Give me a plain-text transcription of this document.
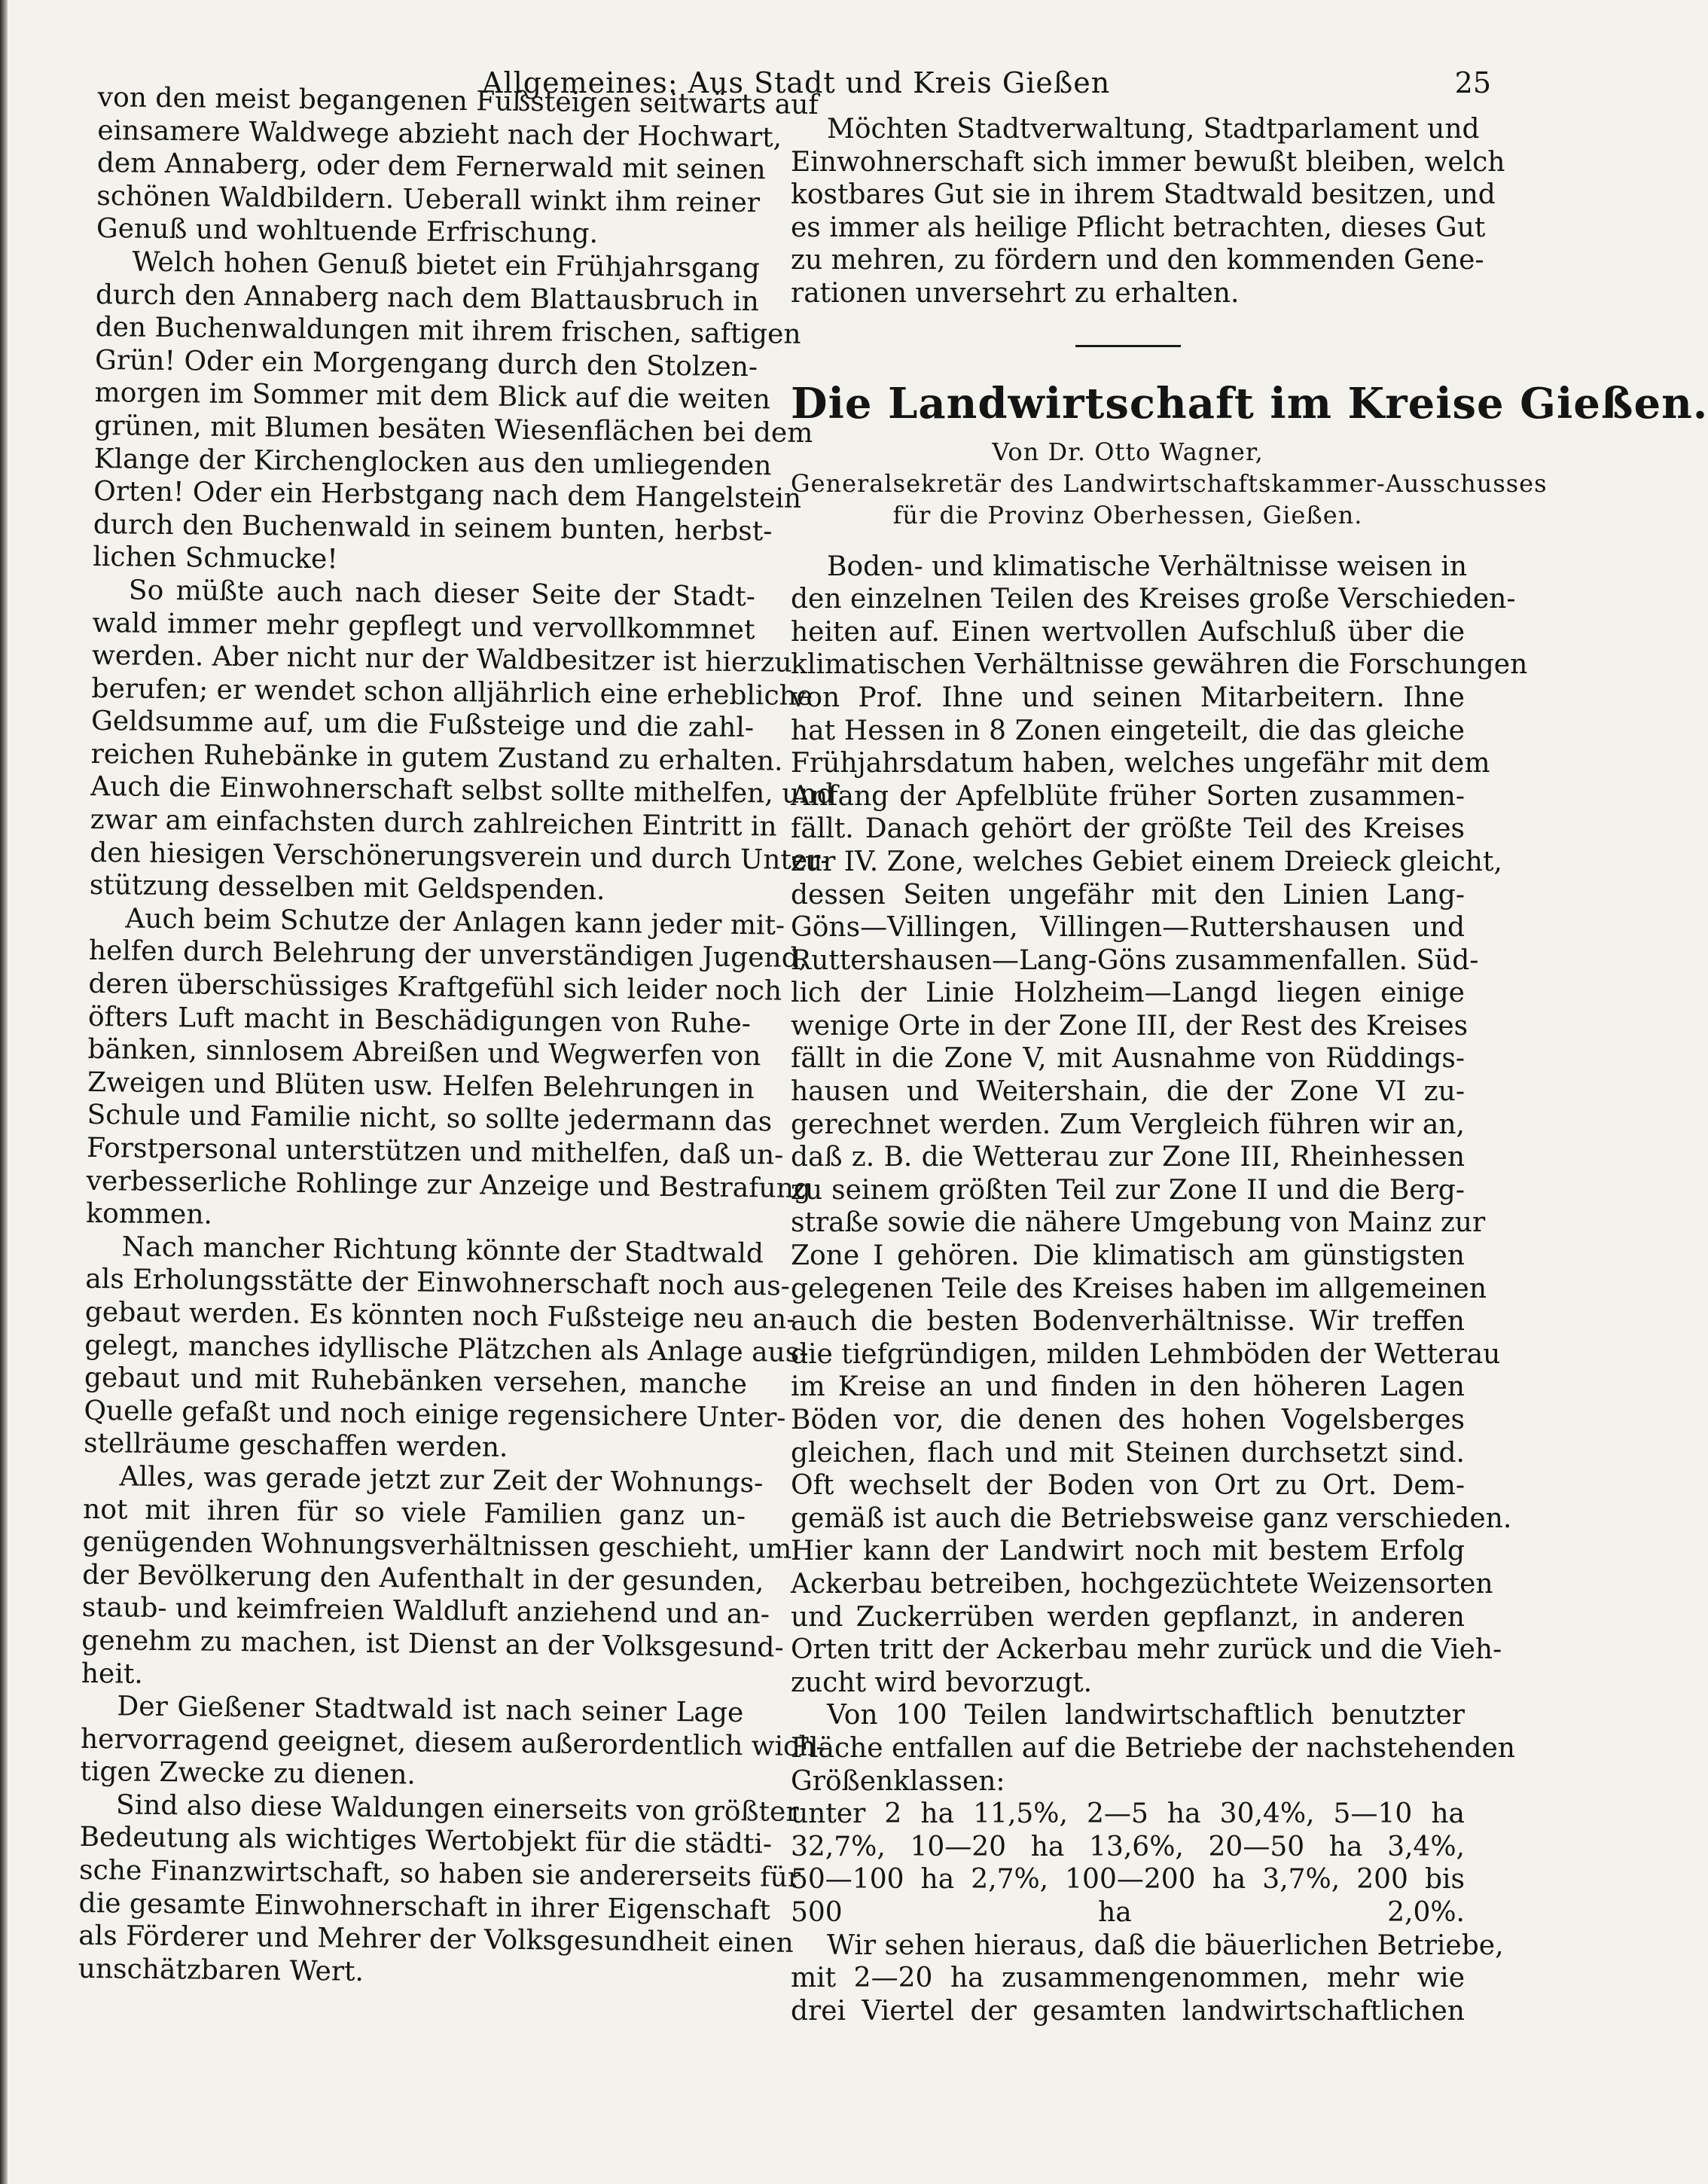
Allgemeines: Aus Stadt und Kreis Gießen	25
von den meist begangenen Fußsteigen seitwärts auf
einsamere Waldwege abzieht nach der Hochwart,
dem Annaberg, oder dem Fernerwald mit seinen
schönen Waldbildern. Ueberall winkt ihm reiner
Genuß und wohltuende Erfrischung.
Welch hohen Genuß bietet ein Frühjahrsgang
durch den Annaberg nach dem Blattausbruch in
den Buchenwaldungen mit ihrem frischen, saftigen
Grün! Oder ein Morgengang durch den Stolzen-
morgen im Sommer mit dem Blick auf die weiten
grünen, mit Blumen besäten Wiesenflächen bei dem
Klange der Kirchenglocken aus den umliegenden
Orten! Oder ein Herbstgang nach dem Hangelstein
durch den Buchenwald in seinem bunten, herbst-
lichen Schmucke!
So müßte auch nach dieser Seite der Stadt-
wald immer mehr gepflegt und vervollkommnet
werden. Aber nicht nur der Waldbesitzer ist hierzu
berufen; er wendet schon alljährlich eine erhebliche
Geldsumme auf, um die Fußsteige und die zahl-
reichen Ruhebänke in gutem Zustand zu erhalten.
Auch die Einwohnerschaft selbst sollte mithelfen, und
zwar am einfachsten durch zahlreichen Eintritt in
den hiesigen Verschönerungsverein und durch Unter-
stützung desselben mit Geldspenden.
Auch beim Schutze der Anlagen kann jeder mit-
helfen durch Belehrung der unverständigen Jugend,
deren überschüssiges Kraftgefühl sich leider noch
öfters Luft macht in Beschädigungen von Ruhe-
bänken, sinnlosem Abreißen und Wegwerfen von
Zweigen und Blüten usw. Helfen Belehrungen in
Schule und Familie nicht, so sollte jedermann das
Forstpersonal unterstützen und mithelfen, daß un-
verbesserliche Rohlinge zur Anzeige und Bestrafung
kommen.
Nach mancher Richtung könnte der Stadtwald
als Erholungsstätte der Einwohnerschaft noch aus-
gebaut werden. Es könnten noch Fußsteige neu an-
gelegt, manches idyllische Plätzchen als Anlage aus-
gebaut und mit Ruhebänken versehen, manche
Quelle gefaßt und noch einige regensichere Unter-
stellräume geschaffen werden.
Alles, was gerade jetzt zur Zeit der Wohnungs-
not mit ihren für so viele Familien ganz un-
genügenden Wohnungsverhältnissen geschieht, um
der Bevölkerung den Aufenthalt in der gesunden,
staub- und keimfreien Waldluft anziehend und an-
genehm zu machen, ist Dienst an der Volksgesund-
heit.
Der Gießener Stadtwald ist nach seiner Lage
hervorragend geeignet, diesem außerordentlich wich-
tigen Zwecke zu dienen.
Sind also diese Waldungen einerseits von größter
Bedeutung als wichtiges Wertobjekt für die städti-
sche Finanzwirtschaft, so haben sie andererseits für
die gesamte Einwohnerschaft in ihrer Eigenschaft
als Förderer und Mehrer der Volksgesundheit einen
unschätzbaren Wert.
Möchten Stadtverwaltung, Stadtparlament und
Einwohnerschaft sich immer bewußt bleiben, welch
kostbares Gut sie in ihrem Stadtwald besitzen, und
es immer als heilige Pflicht betrachten, dieses Gut
zu mehren, zu fördern und den kommenden Gene-
rationen unversehrt zu erhalten.
Die Landwirtschaft im Kreise Gießen.
Von Dr. Otto Wagner,
Generalsekretär des Landwirtschaftskammer-Ausschusses
für die Provinz Oberhessen, Gießen.
Boden- und klimatische Verhältnisse weisen in
den einzelnen Teilen des Kreises große Verschieden-
heiten auf. Einen wertvollen Aufschluß über die
klimatischen Verhältnisse gewähren die Forschungen
von Prof. Ihne und seinen Mitarbeitern. Ihne
hat Hessen in 8 Zonen eingeteilt, die das gleiche
Frühjahrsdatum haben, welches ungefähr mit dem
Anfang der Apfelblüte früher Sorten zusammen-
fällt. Danach gehört der größte Teil des Kreises
zur IV. Zone, welches Gebiet einem Dreieck gleicht,
dessen Seiten ungefähr mit den Linien Lang-
Göns—Villingen, Villingen—Ruttershausen und
Ruttershausen—Lang-Göns zusammenfallen. Süd-
lich der Linie Holzheim—Langd liegen einige
wenige Orte in der Zone III, der Rest des Kreises
fällt in die Zone V, mit Ausnahme von Rüddings-
hausen und Weitershain, die der Zone VI zu-
gerechnet werden. Zum Vergleich führen wir an,
daß z. B. die Wetterau zur Zone III, Rheinhessen
zu seinem größten Teil zur Zone II und die Berg-
straße sowie die nähere Umgebung von Mainz zur
Zone I gehören. Die klimatisch am günstigsten
gelegenen Teile des Kreises haben im allgemeinen
auch die besten Bodenverhältnisse. Wir treffen
die tiefgründigen, milden Lehmböden der Wetterau
im Kreise an und finden in den höheren Lagen
Böden vor, die denen des hohen Vogelsberges
gleichen, flach und mit Steinen durchsetzt sind.
Oft wechselt der Boden von Ort zu Ort. Dem-
gemäß ist auch die Betriebsweise ganz verschieden.
Hier kann der Landwirt noch mit bestem Erfolg
Ackerbau betreiben, hochgezüchtete Weizensorten
und Zuckerrüben werden gepflanzt, in anderen
Orten tritt der Ackerbau mehr zurück und die Vieh-
zucht wird bevorzugt.
Von 100 Teilen landwirtschaftlich benutzter
Fläche entfallen auf die Betriebe der nachstehenden
Größenklassen:
unter 2 ha 11,5%, 2—5 ha 30,4%, 5—10 ha
32,7%, 10—20 ha 13,6%, 20—50 ha 3,4%,
50—100 ha 2,7%, 100—200 ha 3,7%, 200 bis
500 ha 2,0%.
Wir sehen hieraus, daß die bäuerlichen Betriebe,
mit 2—20 ha zusammengenommen, mehr wie
drei Viertel der gesamten landwirtschaftlichen
